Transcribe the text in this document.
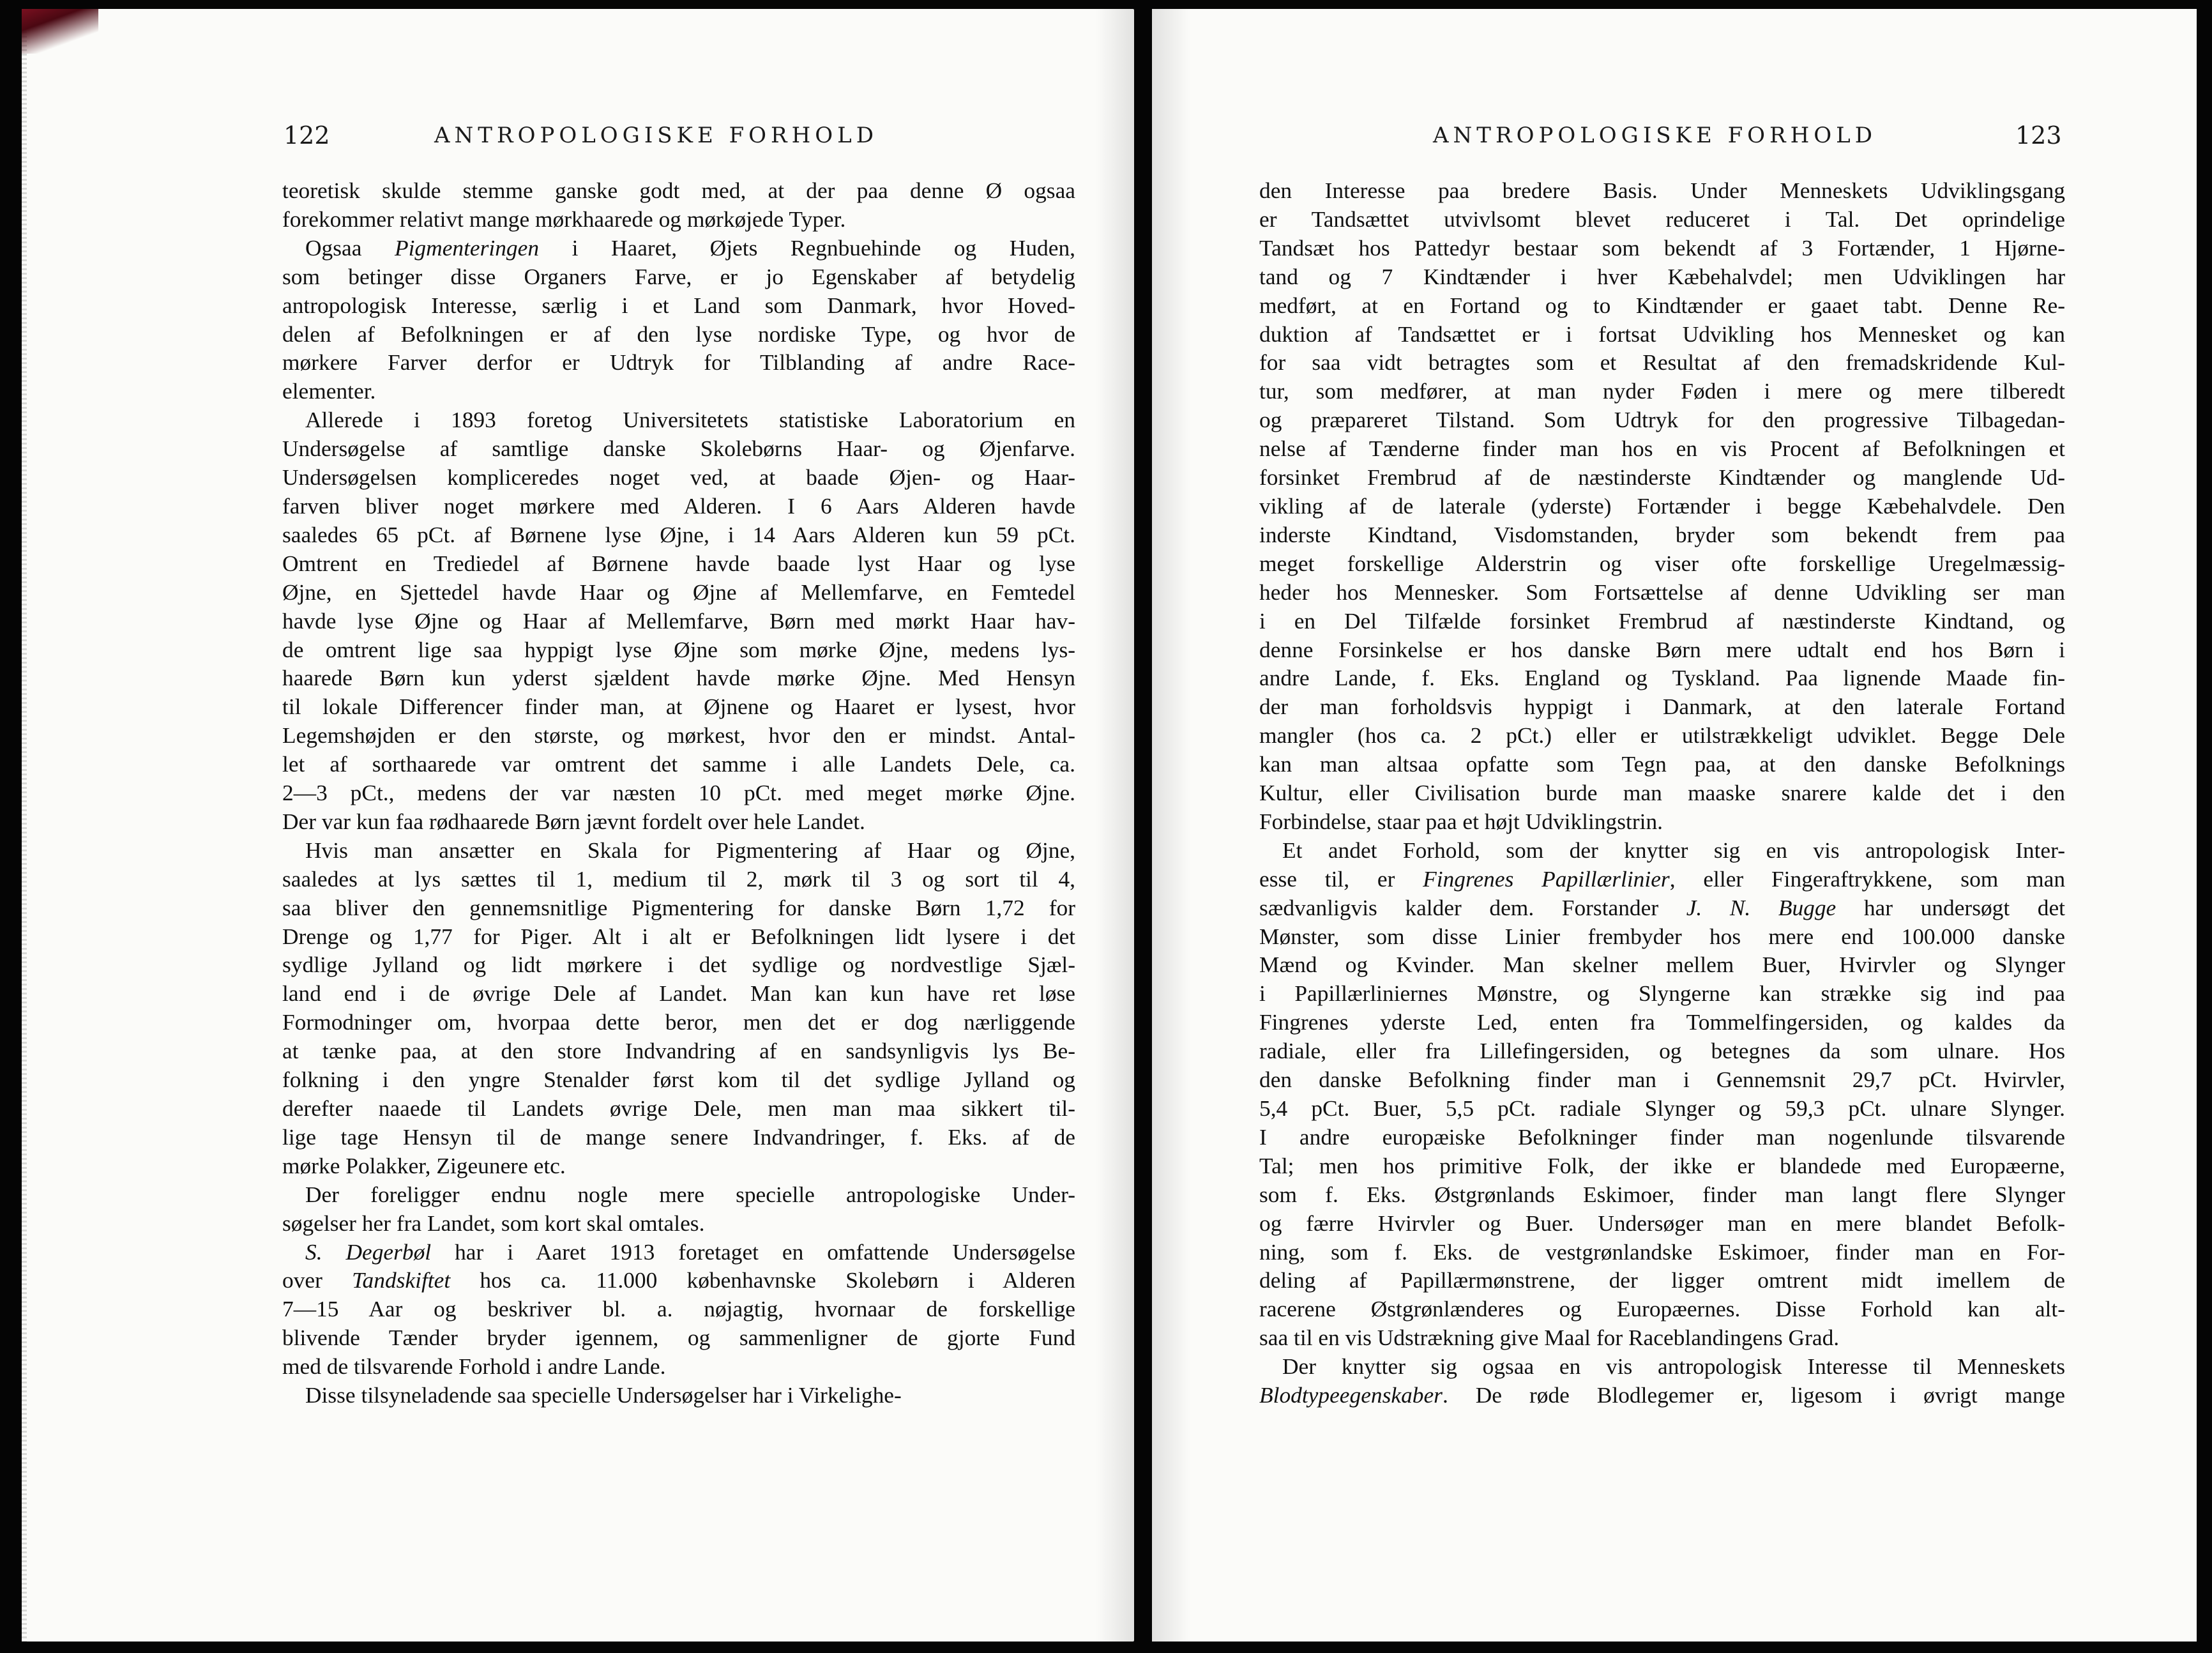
122	ANTROPOLOGISKE FORHOLD

teoretisk skulde stemme ganske godt med, at der paa denne Ø ogsaa

forekommer relativt mange mørkhaarede og mørkøjede Typer.

Ogsaa Pigmenteringen i Haaret, Øjets Regnbuehinde og Huden,

som betinger disse Organers Farve, er jo Egenskaber af betydelig

antropologisk Interesse, særlig i et Land som Danmark, hvor Hoved-

delen af Befolkningen er af den lyse nordiske Type, og hvor de

mørkere Farver derfor er Udtryk for Tilblanding af andre Race-

elementer.

Allerede i 1893 foretog Universitetets statistiske Laboratorium en

Undersøgelse af samtlige danske Skolebørns Haar- og Øjenfarve.

Undersøgelsen kompliceredes noget ved, at baade Øjen- og Haar-

farven bliver noget mørkere med Alderen. I 6 Aars Alderen havde

saaledes 65 pCt. af Børnene lyse Øjne, i 14 Aars Alderen kun 59 pCt.

Omtrent en Trediedel af Børnene havde baade lyst Haar og lyse

Øjne, en Sjettedel havde Haar og Øjne af Mellemfarve, en Femtedel

havde lyse Øjne og Haar af Mellemfarve, Børn med mørkt Haar hav-

de omtrent lige saa hyppigt lyse Øjne som mørke Øjne, medens lys-

haarede Børn kun yderst sjældent havde mørke Øjne. Med Hensyn

til lokale Differencer finder man, at Øjnene og Haaret er lysest, hvor

Legemshøjden er den største, og mørkest, hvor den er mindst. Antal-

let af sorthaarede var omtrent det samme i alle Landets Dele, ca.

2—3 pCt., medens der var næsten 10 pCt. med meget mørke Øjne.

Der var kun faa rødhaarede Børn jævnt fordelt over hele Landet.

Hvis man ansætter en Skala for Pigmentering af Haar og Øjne,

saaledes at lys sættes til 1, medium til 2, mørk til 3 og sort til 4,

saa bliver den gennemsnitlige Pigmentering for danske Børn 1,72 for

Drenge og 1,77 for Piger. Alt i alt er Befolkningen lidt lysere i det

sydlige Jylland og lidt mørkere i det sydlige og nordvestlige Sjæl-

land end i de øvrige Dele af Landet. Man kan kun have ret løse

Formodninger om, hvorpaa dette beror, men det er dog nærliggende

at tænke paa, at den store Indvandring af en sandsynligvis lys Be-

folkning i den yngre Stenalder først kom til det sydlige Jylland og

derefter naaede til Landets øvrige Dele, men man maa sikkert til-

lige tage Hensyn til de mange senere Indvandringer, f. Eks. af de

mørke Polakker, Zigeunere etc.

Der foreligger endnu nogle mere specielle antropologiske Under-

søgelser her fra Landet, som kort skal omtales.

S. Degerbøl har i Aaret 1913 foretaget en omfattende Undersøgelse

over Tandskiftet hos ca. 11.000 københavnske Skolebørn i Alderen

7—15 Aar og beskriver bl. a. nøjagtig, hvornaar de forskellige

blivende Tænder bryder igennem, og sammenligner de gjorte Fund

med de tilsvarende Forhold i andre Lande.

Disse tilsyneladende saa specielle Undersøgelser har i Virkelighe-

ANTROPOLOGISKE FORHOLD	123

den Interesse paa bredere Basis. Under Menneskets Udviklingsgang

er Tandsættet utvivlsomt blevet reduceret i Tal. Det oprindelige

Tandsæt hos Pattedyr bestaar som bekendt af 3 Fortænder, 1 Hjørne-

tand og 7 Kindtænder i hver Kæbehalvdel; men Udviklingen har

medført, at en Fortand og to Kindtænder er gaaet tabt. Denne Re-

duktion af Tandsættet er i fortsat Udvikling hos Mennesket og kan

for saa vidt betragtes som et Resultat af den fremadskridende Kul-

tur, som medfører, at man nyder Føden i mere og mere tilberedt

og præpareret Tilstand. Som Udtryk for den progressive Tilbagedan-

nelse af Tænderne finder man hos en vis Procent af Befolkningen et

forsinket Frembrud af de næstinderste Kindtænder og manglende Ud-

vikling af de laterale (yderste) Fortænder i begge Kæbehalvdele. Den

inderste Kindtand, Visdomstanden, bryder som bekendt frem paa

meget forskellige Alderstrin og viser ofte forskellige Uregelmæssig-

heder hos Mennesker. Som Fortsættelse af denne Udvikling ser man

i en Del Tilfælde forsinket Frembrud af næstinderste Kindtand, og

denne Forsinkelse er hos danske Børn mere udtalt end hos Børn i

andre Lande, f. Eks. England og Tyskland. Paa lignende Maade fin-

der man forholdsvis hyppigt i Danmark, at den laterale Fortand

mangler (hos ca. 2 pCt.) eller er utilstrækkeligt udviklet. Begge Dele

kan man altsaa opfatte som Tegn paa, at den danske Befolknings

Kultur, eller Civilisation burde man maaske snarere kalde det i den

Forbindelse, staar paa et højt Udviklingstrin.

Et andet Forhold, som der knytter sig en vis antropologisk Inter-

esse til, er Fingrenes Papillærlinier, eller Fingeraftrykkene, som man

sædvanligvis kalder dem. Forstander J. N. Bugge har undersøgt det

Mønster, som disse Linier frembyder hos mere end 100.000 danske

Mænd og Kvinder. Man skelner mellem Buer, Hvirvler og Slynger

i Papillærliniernes Mønstre, og Slyngerne kan strække sig ind paa

Fingrenes yderste Led, enten fra Tommelfingersiden, og kaldes da

radiale, eller fra Lillefingersiden, og betegnes da som ulnare. Hos

den danske Befolkning finder man i Gennemsnit 29,7 pCt. Hvirvler,

5,4 pCt. Buer, 5,5 pCt. radiale Slynger og 59,3 pCt. ulnare Slynger.

I andre europæiske Befolkninger finder man nogenlunde tilsvarende

Tal; men hos primitive Folk, der ikke er blandede med Europæerne,

som f. Eks. Østgrønlands Eskimoer, finder man langt flere Slynger

og færre Hvirvler og Buer. Undersøger man en mere blandet Befolk-

ning, som f. Eks. de vestgrønlandske Eskimoer, finder man en For-

deling af Papillærmønstrene, der ligger omtrent midt imellem de

racerene Østgrønlænderes og Europæernes. Disse Forhold kan alt-

saa til en vis Udstrækning give Maal for Raceblandingens Grad.

Der knytter sig ogsaa en vis antropologisk Interesse til Menneskets

Blodtypeegenskaber. De røde Blodlegemer er, ligesom i øvrigt mange
